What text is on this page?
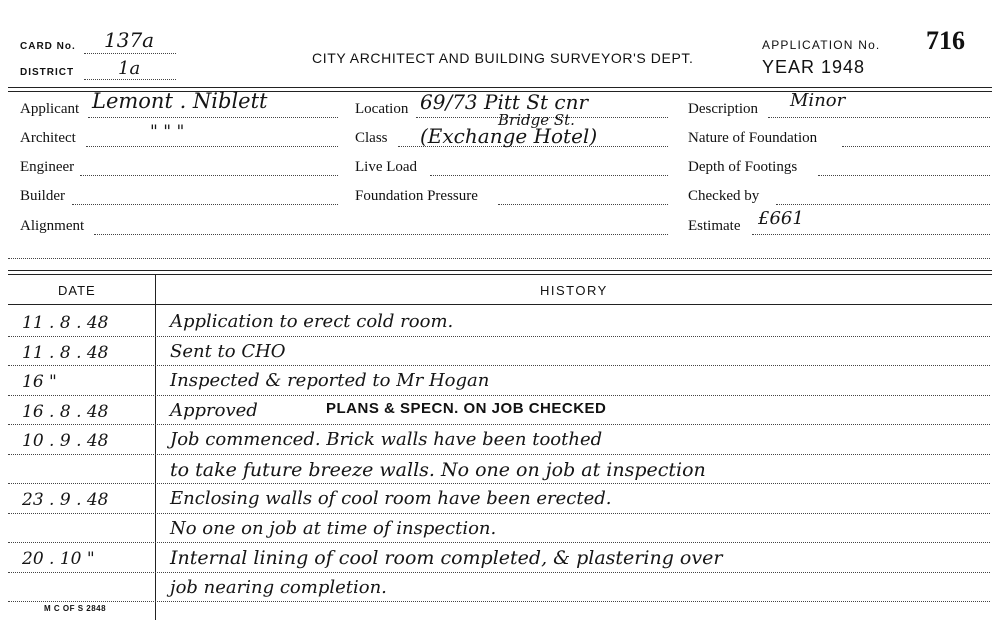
CARD No. 137a
DISTRICT 1a	CITY ARCHITECT AND BUILDING SURVEYOR'S DEPT.
APPLICATION No. 716
YEAR 1948
Applicant Lemont . Niblett
Architect	" " "
Engineer
Builder
Alignment
Location 69/73 Pitt St cnr
Bridge St.
Class (Exchange Hotel)
Live Load
Foundation Pressure
Description Minor
Nature of Foundation
Depth of Footings
Checked by
Estimate £661
DATE	HISTORY
11 . 8 . 48	Application to erect cold room.
11 . 8 . 48	Sent to CHO
16 "	Inspected & reported to Mr Hogan
16 . 8 . 48	Approved
10 . 9 . 48	Job commenced. Brick walls have been toothed
to take future breeze walls. No one on job at inspection
23 . 9 . 48	Enclosing walls of cool room have been erected.
No one on job at time of inspection.
20 . 10 "	Internal lining of cool room completed, & plastering over
job nearing completion.
PLANS & SPECN. ON JOB CHECKED
M C OF S 2848
